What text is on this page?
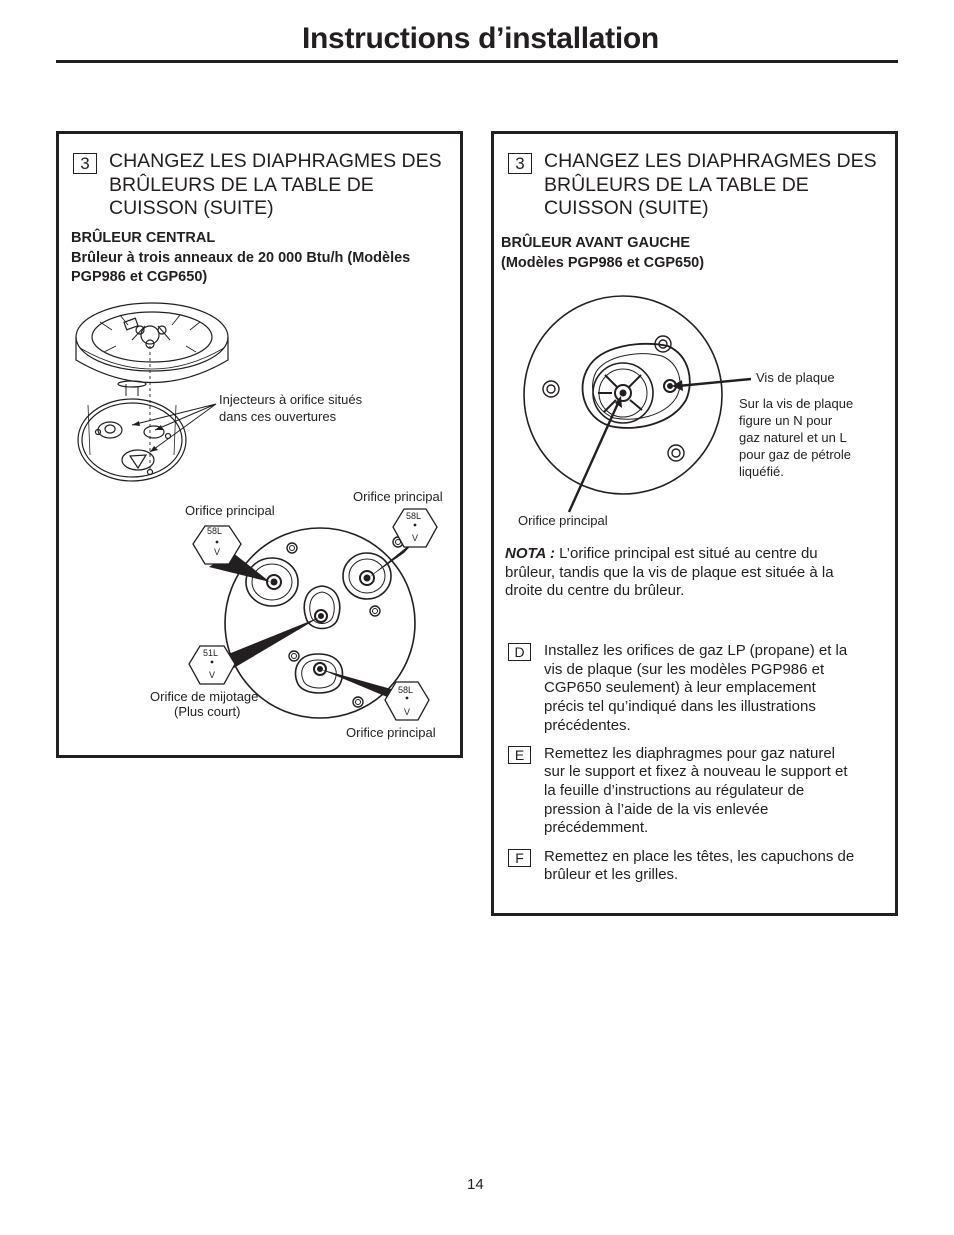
Instructions d’installation
3 CHANGEZ LES DIAPHRAGMES DES
BRÛLEURS DE LA TABLE DE
CUISSON (SUITE)
BRÛLEUR CENTRAL
Brûleur à trois anneaux de 20 000 Btu/h (Modèles
PGP986 et CGP650)
Injecteurs à orifice situés
dans ces ouvertures
58L
V
58L
V
51L
V
58L
V
Orifice principal
Orifice principal
Orifice de mijotage
(Plus court)
Orifice principal
3 CHANGEZ LES DIAPHRAGMES DES
BRÛLEURS DE LA TABLE DE
CUISSON (SUITE)
BRÛLEUR AVANT GAUCHE
(Modèles PGP986 et CGP650)
Vis de plaque
Sur la vis de plaque
figure un N pour
gaz naturel et un L
pour gaz de pétrole
liquéfié.
Orifice principal
NOTA : L’orifice principal est situé au centre du
brûleur, tandis que la vis de plaque est située à la
droite du centre du brûleur.
D	Installez les orifices de gaz LP (propane) et la
vis de plaque (sur les modèles PGP986 et
CGP650 seulement) à leur emplacement
précis tel qu’indiqué dans les illustrations
précédentes.
E	Remettez les diaphragmes pour gaz naturel
sur le support et fixez à nouveau le support et
la feuille d’instructions au régulateur de
pression à l’aide de la vis enlevée
précédemment.
F	Remettez en place les têtes, les capuchons de
brûleur et les grilles.
14
